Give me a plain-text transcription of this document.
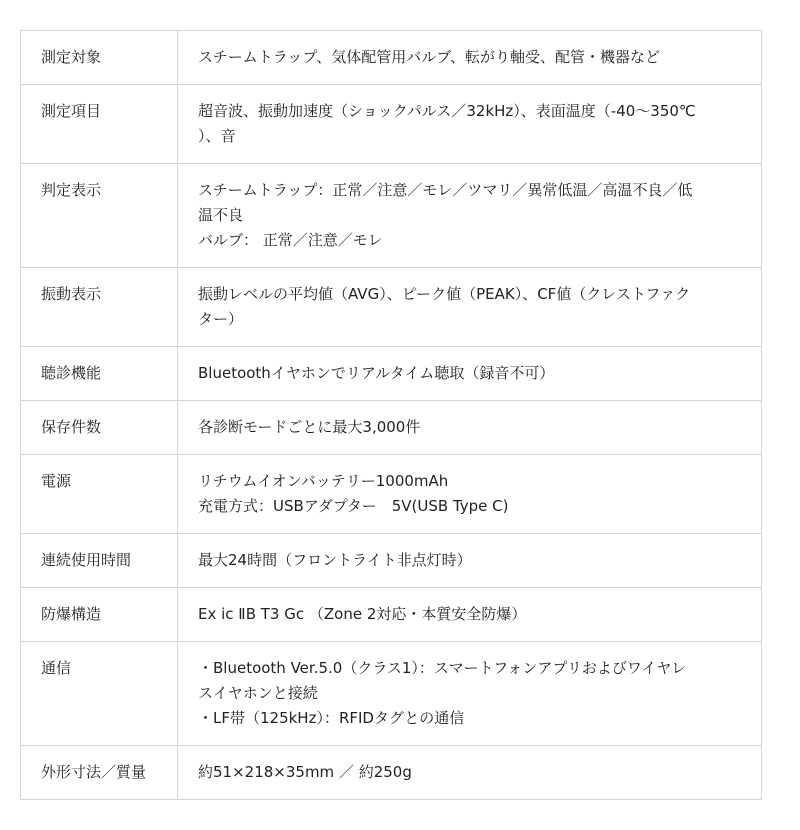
測定対象	スチームトラップ、気体配管用バルブ、転がり軸受、配管・機器など

測定項目	超音波、振動加速度（ショックパルス／32kHz）、表面温度（-40～350℃
）、音

判定表示	スチームトラップ：正常／注意／モレ／ツマリ／異常低温／高温不良／低
温不良
バルブ： 正常／注意／モレ

振動表示	振動レベルの平均値（AVG）、ピーク値（PEAK）、CF値（クレストファク
ター）

聴診機能	Bluetoothイヤホンでリアルタイム聴取（録音不可）

保存件数	各診断モードごとに最大3,000件

電源	リチウムイオンバッテリー1000mAh
充電方式：USBアダプター　5V(USB Type C)

連続使用時間	最大24時間（フロントライト非点灯時）

防爆構造	Ex ic ⅡB T3 Gc （Zone 2対応・本質安全防爆）

通信	・Bluetooth Ver.5.0（クラス1）：スマートフォンアプリおよびワイヤレ
スイヤホンと接続
・LF帯（125kHz）：RFIDタグとの通信

外形寸法／質量	約51×218×35mm ／ 約250g
